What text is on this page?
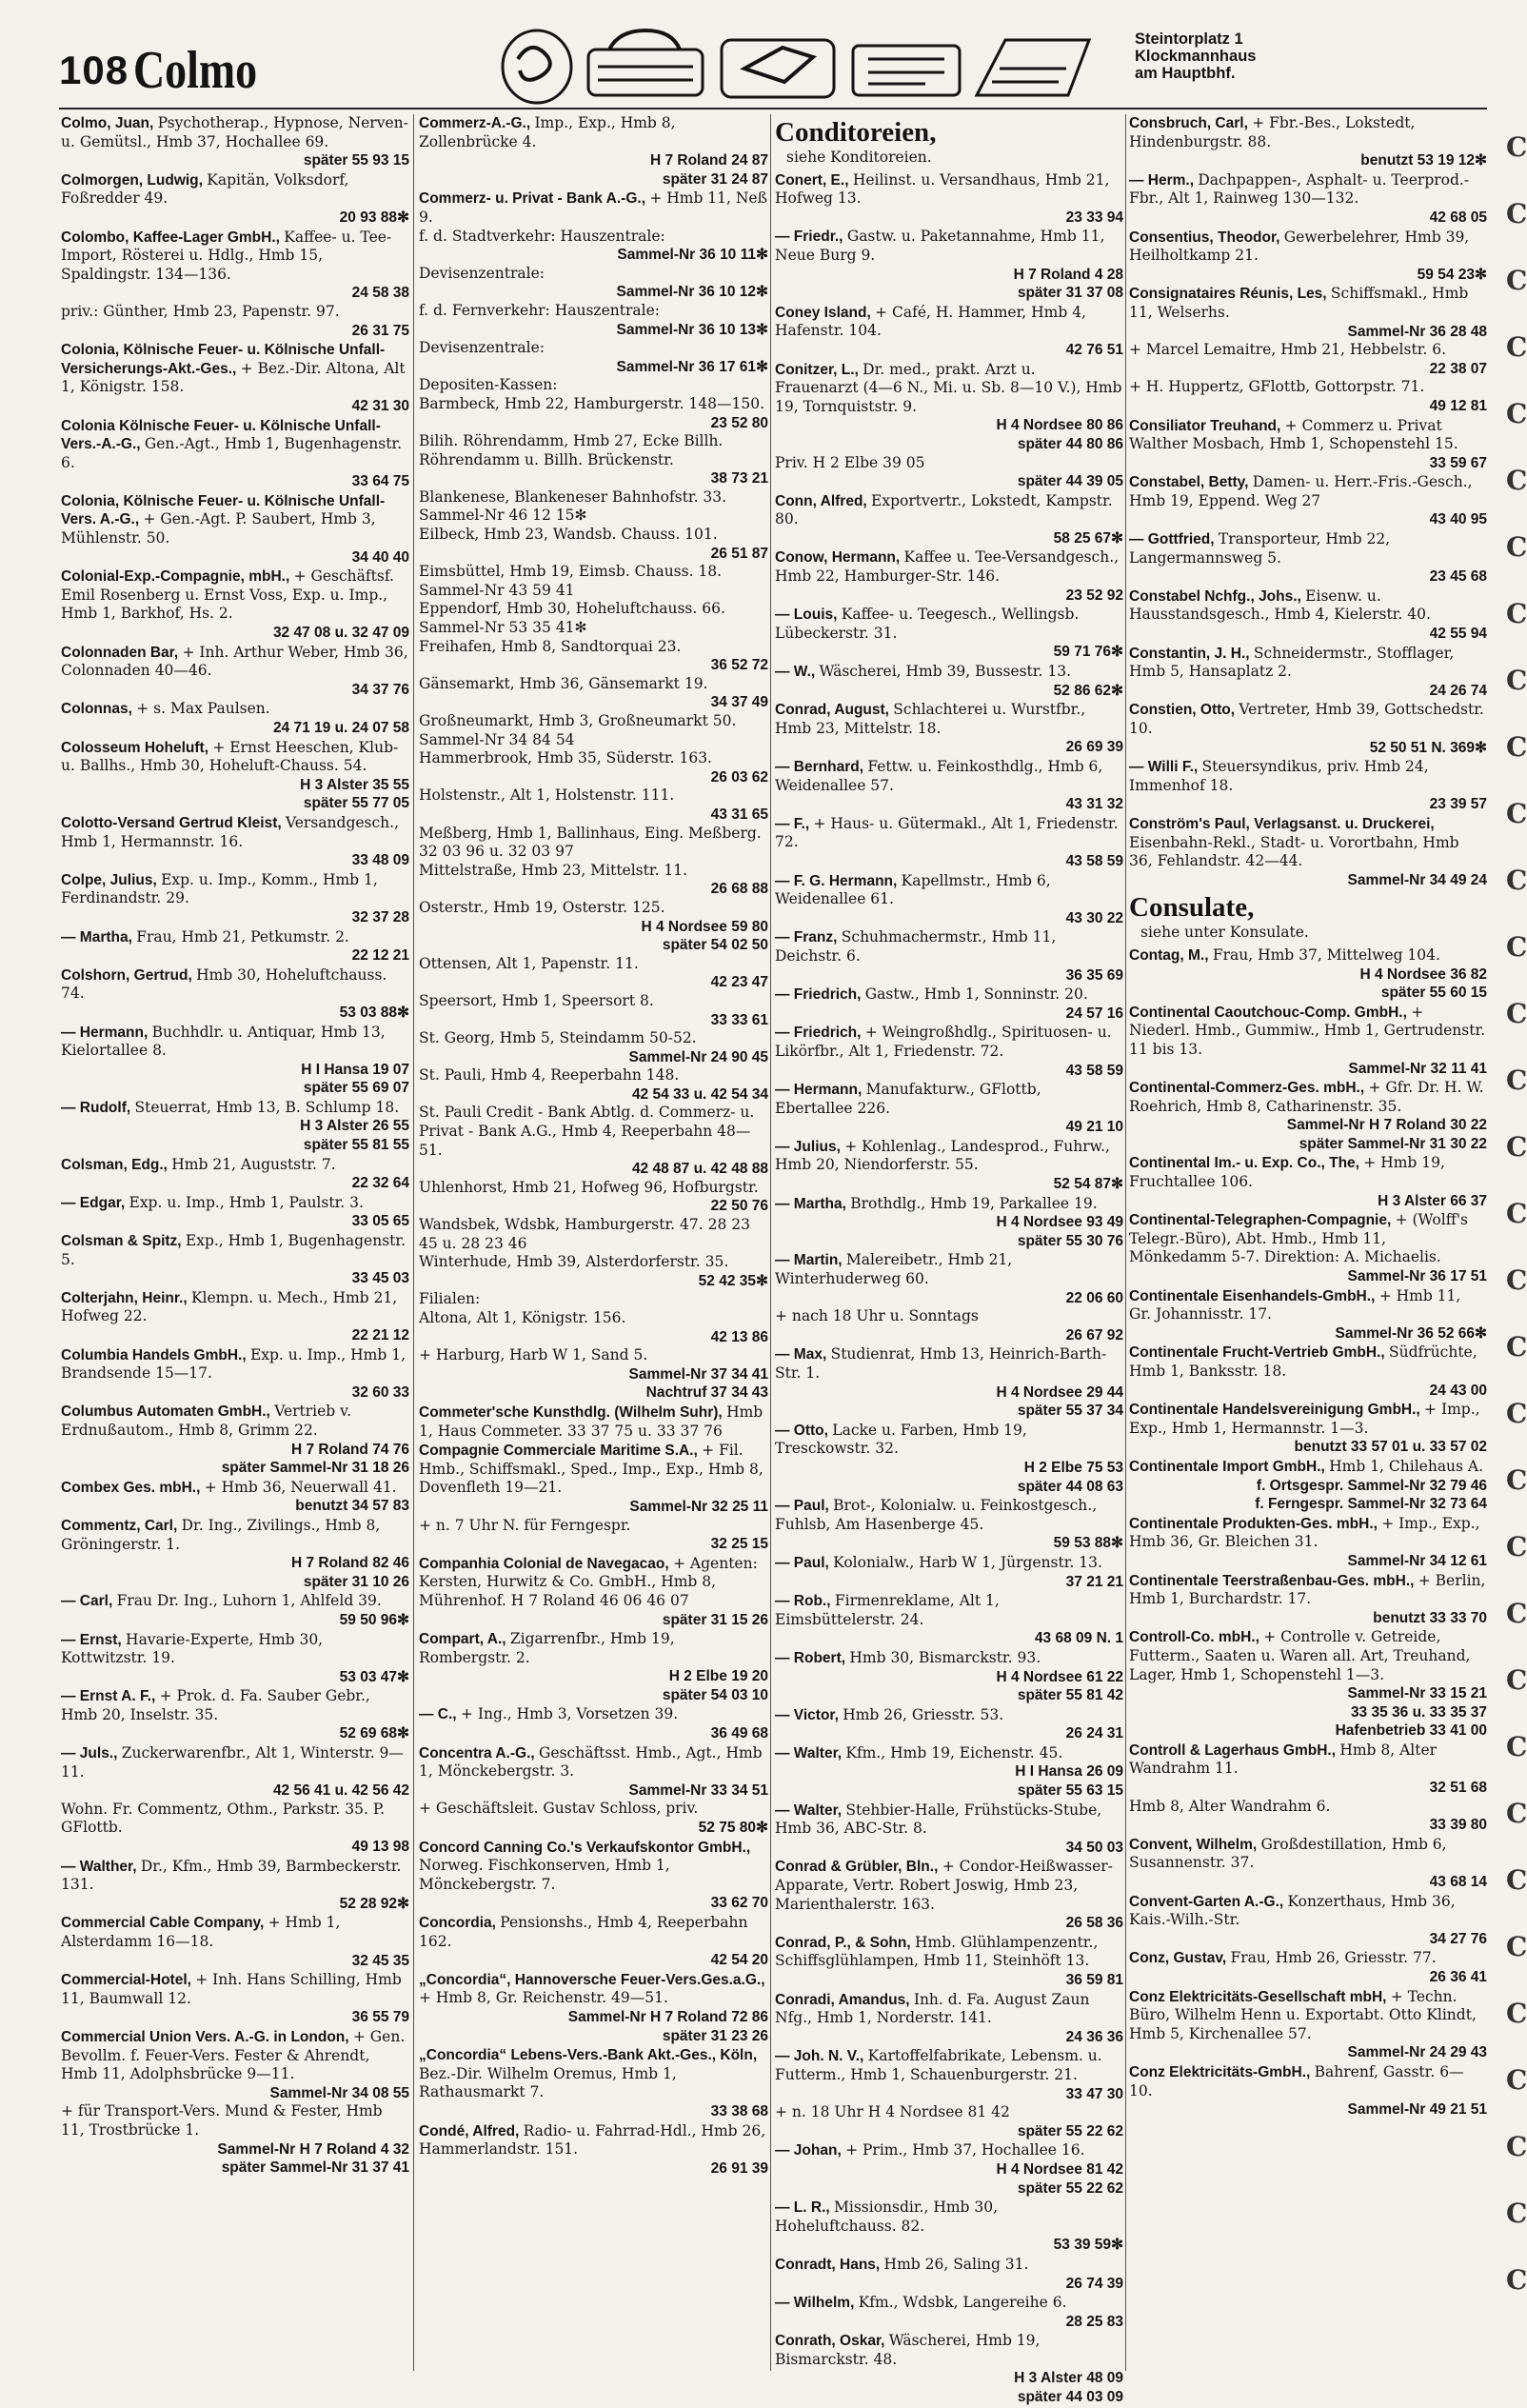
108 Colmo
Steintorplatz 1
Klockmannhaus
am Hauptbhf.
Colmo, Juan, Psychotherap., Hypnose, Nerven- u. Gemütsl., Hmb 37, Hochallee 69.
später 55 93 15
Colmorgen, Ludwig, Kapitän, Volksdorf, Foßredder 49.
20 93 88✻
Colombo, Kaffee-Lager GmbH., Kaffee- u. Tee-Import, Rösterei u. Hdlg., Hmb 15, Spaldingstr. 134—136.
24 58 38
priv.: Günther, Hmb 23, Papenstr. 97.
26 31 75
Colonia, Kölnische Feuer- u. Kölnische Unfall-Versicherungs-Akt.-Ges., + Bez.-Dir. Altona, Alt 1, Königstr. 158.
42 31 30
Colonia Kölnische Feuer- u. Kölnische Unfall-Vers.-A.-G., Gen.-Agt., Hmb 1, Bugenhagenstr. 6.
33 64 75
Colonia, Kölnische Feuer- u. Kölnische Unfall-Vers. A.-G., + Gen.-Agt. P. Saubert, Hmb 3, Mühlenstr. 50.
34 40 40
Colonial-Exp.-Compagnie, mbH., + Geschäftsf. Emil Rosenberg u. Ernst Voss, Exp. u. Imp., Hmb 1, Barkhof, Hs. 2.
32 47 08 u. 32 47 09
Colonnaden Bar, + Inh. Arthur Weber, Hmb 36, Colonnaden 40—46.
34 37 76
Colonnas, + s. Max Paulsen.
24 71 19 u. 24 07 58
Colosseum Hoheluft, + Ernst Heeschen, Klub- u. Ballhs., Hmb 30, Hoheluft-Chauss. 54.
H 3 Alster 35 55
später 55 77 05
Colotto-Versand Gertrud Kleist, Versandgesch., Hmb 1, Hermannstr. 16.
33 48 09
Colpe, Julius, Exp. u. Imp., Komm., Hmb 1, Ferdinandstr. 29.
32 37 28
— Martha, Frau, Hmb 21, Petkumstr. 2.
22 12 21
Colshorn, Gertrud, Hmb 30, Hoheluftchauss. 74.
53 03 88✻
— Hermann, Buchhdlr. u. Antiquar, Hmb 13, Kielortallee 8.
H I Hansa 19 07
später 55 69 07
— Rudolf, Steuerrat, Hmb 13, B. Schlump 18.
H 3 Alster 26 55
später 55 81 55
Colsman, Edg., Hmb 21, Auguststr. 7.
22 32 64
— Edgar, Exp. u. Imp., Hmb 1, Paulstr. 3.
33 05 65
Colsman & Spitz, Exp., Hmb 1, Bugenhagenstr. 5.
33 45 03
Colterjahn, Heinr., Klempn. u. Mech., Hmb 21, Hofweg 22.
22 21 12
Columbia Handels GmbH., Exp. u. Imp., Hmb 1, Brandsende 15—17.
32 60 33
Columbus Automaten GmbH., Vertrieb v. Erdnußautom., Hmb 8, Grimm 22.
H 7 Roland 74 76
später Sammel-Nr 31 18 26
Combex Ges. mbH., + Hmb 36, Neuerwall 41.
benutzt 34 57 83
Commentz, Carl, Dr. Ing., Zivilings., Hmb 8, Gröningerstr. 1.
H 7 Roland 82 46
später 31 10 26
— Carl, Frau Dr. Ing., Luhorn 1, Ahlfeld 39.
59 50 96✻
— Ernst, Havarie-Experte, Hmb 30, Kottwitzstr. 19.
53 03 47✻
— Ernst A. F., + Prok. d. Fa. Sauber Gebr., Hmb 20, Inselstr. 35.
52 69 68✻
— Juls., Zuckerwarenfbr., Alt 1, Winterstr. 9—11.
42 56 41 u. 42 56 42
Wohn. Fr. Commentz, Othm., Parkstr. 35. P. GFlottb.
49 13 98
— Walther, Dr., Kfm., Hmb 39, Barmbeckerstr. 131.
52 28 92✻
Commercial Cable Company, + Hmb 1, Alsterdamm 16—18.
32 45 35
Commercial-Hotel, + Inh. Hans Schilling, Hmb 11, Baumwall 12.
36 55 79
Commercial Union Vers. A.-G. in London, + Gen. Bevollm. f. Feuer-Vers. Fester & Ahrendt, Hmb 11, Adolphsbrücke 9—11.
Sammel-Nr 34 08 55
+ für Transport-Vers. Mund & Fester, Hmb 11, Trostbrücke 1.
Sammel-Nr H 7 Roland 4 32
später Sammel-Nr 31 37 41
Commerz-A.-G., Imp., Exp., Hmb 8, Zollenbrücke 4.
H 7 Roland 24 87
später 31 24 87
Commerz- u. Privat - Bank A.-G., + Hmb 11, Neß 9.
f. d. Stadtverkehr: Hauszentrale:
Sammel-Nr 36 10 11✻
Devisenzentrale:
Sammel-Nr 36 10 12✻
f. d. Fernverkehr: Hauszentrale:
Sammel-Nr 36 10 13✻
Devisenzentrale:
Sammel-Nr 36 17 61✻
Depositen-Kassen:
Barmbeck, Hmb 22, Hamburgerstr. 148—150.
23 52 80
Bilih. Röhrendamm, Hmb 27, Ecke Billh. Röhrendamm u. Billh. Brückenstr.
38 73 21
Blankenese, Blankeneser Bahnhofstr. 33. Sammel-Nr 46 12 15✻
Eilbeck, Hmb 23, Wandsb. Chauss. 101.
26 51 87
Eimsbüttel, Hmb 19, Eimsb. Chauss. 18. Sammel-Nr 43 59 41
Eppendorf, Hmb 30, Hoheluftchauss. 66. Sammel-Nr 53 35 41✻
Freihafen, Hmb 8, Sandtorquai 23.
36 52 72
Gänsemarkt, Hmb 36, Gänsemarkt 19.
34 37 49
Großneumarkt, Hmb 3, Großneumarkt 50. Sammel-Nr 34 84 54
Hammerbrook, Hmb 35, Süderstr. 163.
26 03 62
Holstenstr., Alt 1, Holstenstr. 111.
43 31 65
Meßberg, Hmb 1, Ballinhaus, Eing. Meßberg. 32 03 96 u. 32 03 97
Mittelstraße, Hmb 23, Mittelstr. 11.
26 68 88
Osterstr., Hmb 19, Osterstr. 125.
H 4 Nordsee 59 80
später 54 02 50
Ottensen, Alt 1, Papenstr. 11.
42 23 47
Speersort, Hmb 1, Speersort 8.
33 33 61
St. Georg, Hmb 5, Steindamm 50-52.
Sammel-Nr 24 90 45
St. Pauli, Hmb 4, Reeperbahn 148.
42 54 33 u. 42 54 34
St. Pauli Credit - Bank Abtlg. d. Commerz- u. Privat - Bank A.G., Hmb 4, Reeperbahn 48—51.
42 48 87 u. 42 48 88
Uhlenhorst, Hmb 21, Hofweg 96, Hofburgstr.
22 50 76
Wandsbek, Wdsbk, Hamburgerstr. 47. 28 23 45 u. 28 23 46
Winterhude, Hmb 39, Alsterdorferstr. 35.
52 42 35✻
Filialen:
Altona, Alt 1, Königstr. 156.
42 13 86
+ Harburg, Harb W 1, Sand 5.
Sammel-Nr 37 34 41
Nachtruf 37 34 43
Commeter'sche Kunsthdlg. (Wilhelm Suhr), Hmb 1, Haus Commeter. 33 37 75 u. 33 37 76
Compagnie Commerciale Maritime S.A., + Fil. Hmb., Schiffsmakl., Sped., Imp., Exp., Hmb 8, Dovenfleth 19—21.
Sammel-Nr 32 25 11
+ n. 7 Uhr N. für Ferngespr.
32 25 15
Companhia Colonial de Navegacao, + Agenten: Kersten, Hurwitz & Co. GmbH., Hmb 8, Mührenhof. H 7 Roland 46 06 46 07
später 31 15 26
Compart, A., Zigarrenfbr., Hmb 19, Rombergstr. 2.
H 2 Elbe 19 20
später 54 03 10
— C., + Ing., Hmb 3, Vorsetzen 39.
36 49 68
Concentra A.-G., Geschäftsst. Hmb., Agt., Hmb 1, Mönckebergstr. 3.
Sammel-Nr 33 34 51
+ Geschäftsleit. Gustav Schloss, priv.
52 75 80✻
Concord Canning Co.'s Verkaufskontor GmbH., Norweg. Fischkonserven, Hmb 1, Mönckebergstr. 7.
33 62 70
Concordia, Pensionshs., Hmb 4, Reeperbahn 162.
42 54 20
„Concordia“, Hannoversche Feuer-Vers.Ges.a.G., + Hmb 8, Gr. Reichenstr. 49—51.
Sammel-Nr H 7 Roland 72 86
später 31 23 26
„Concordia“ Lebens-Vers.-Bank Akt.-Ges., Köln, Bez.-Dir. Wilhelm Oremus, Hmb 1, Rathausmarkt 7.
33 38 68
Condé, Alfred, Radio- u. Fahrrad-Hdl., Hmb 26, Hammerlandstr. 151.
26 91 39
Conditoreien,
siehe Konditoreien.
Conert, E., Heilinst. u. Versandhaus, Hmb 21, Hofweg 13.
23 33 94
— Friedr., Gastw. u. Paketannahme, Hmb 11, Neue Burg 9.
H 7 Roland 4 28
später 31 37 08
Coney Island, + Café, H. Hammer, Hmb 4, Hafenstr. 104.
42 76 51
Conitzer, L., Dr. med., prakt. Arzt u. Frauenarzt (4—6 N., Mi. u. Sb. 8—10 V.), Hmb 19, Tornquiststr. 9.
H 4 Nordsee 80 86
später 44 80 86
Priv. H 2 Elbe 39 05
später 44 39 05
Conn, Alfred, Exportvertr., Lokstedt, Kampstr. 80.
58 25 67✻
Conow, Hermann, Kaffee u. Tee-Versandgesch., Hmb 22, Hamburger-Str. 146.
23 52 92
— Louis, Kaffee- u. Teegesch., Wellingsb. Lübeckerstr. 31.
59 71 76✻
— W., Wäscherei, Hmb 39, Bussestr. 13.
52 86 62✻
Conrad, August, Schlachterei u. Wurstfbr., Hmb 23, Mittelstr. 18.
26 69 39
— Bernhard, Fettw. u. Feinkosthdlg., Hmb 6, Weidenallee 57.
43 31 32
— F., + Haus- u. Gütermakl., Alt 1, Friedenstr. 72.
43 58 59
— F. G. Hermann, Kapellmstr., Hmb 6, Weidenallee 61.
43 30 22
— Franz, Schuhmachermstr., Hmb 11, Deichstr. 6.
36 35 69
— Friedrich, Gastw., Hmb 1, Sonninstr. 20.
24 57 16
— Friedrich, + Weingroßhdlg., Spirituosen- u. Likörfbr., Alt 1, Friedenstr. 72.
43 58 59
— Hermann, Manufakturw., GFlottb, Ebertallee 226.
49 21 10
— Julius, + Kohlenlag., Landesprod., Fuhrw., Hmb 20, Niendorferstr. 55.
52 54 87✻
— Martha, Brothdlg., Hmb 19, Parkallee 19.
H 4 Nordsee 93 49
später 55 30 76
— Martin, Malereibetr., Hmb 21, Winterhuderweg 60.
22 06 60
+ nach 18 Uhr u. Sonntags
26 67 92
— Max, Studienrat, Hmb 13, Heinrich-Barth-Str. 1.
H 4 Nordsee 29 44
später 55 37 34
— Otto, Lacke u. Farben, Hmb 19, Tresckowstr. 32.
H 2 Elbe 75 53
später 44 08 63
— Paul, Brot-, Kolonialw. u. Feinkostgesch., Fuhlsb, Am Hasenberge 45.
59 53 88✻
— Paul, Kolonialw., Harb W 1, Jürgenstr. 13.
37 21 21
— Rob., Firmenreklame, Alt 1, Eimsbüttelerstr. 24.
43 68 09 N. 1
— Robert, Hmb 30, Bismarckstr. 93.
H 4 Nordsee 61 22
später 55 81 42
— Victor, Hmb 26, Griesstr. 53.
26 24 31
— Walter, Kfm., Hmb 19, Eichenstr. 45.
H I Hansa 26 09
später 55 63 15
— Walter, Stehbier-Halle, Frühstücks-Stube, Hmb 36, ABC-Str. 8.
34 50 03
Conrad & Grübler, Bln., + Condor-Heißwasser-Apparate, Vertr. Robert Joswig, Hmb 23, Marienthalerstr. 163.
26 58 36
Conrad, P., & Sohn, Hmb. Glühlampenzentr., Schiffsglühlampen, Hmb 11, Steinhöft 13.
36 59 81
Conradi, Amandus, Inh. d. Fa. August Zaun Nfg., Hmb 1, Norderstr. 141.
24 36 36
— Joh. N. V., Kartoffelfabrikate, Lebensm. u. Futterm., Hmb 1, Schauenburgerstr. 21.
33 47 30
+ n. 18 Uhr H 4 Nordsee 81 42
später 55 22 62
— Johan, + Prim., Hmb 37, Hochallee 16.
H 4 Nordsee 81 42
später 55 22 62
— L. R., Missionsdir., Hmb 30, Hoheluftchauss. 82.
53 39 59✻
Conradt, Hans, Hmb 26, Saling 31.
26 74 39
— Wilhelm, Kfm., Wdsbk, Langereihe 6.
28 25 83
Conrath, Oskar, Wäscherei, Hmb 19, Bismarckstr. 48.
H 3 Alster 48 09
später 44 03 09
Consbruch, Carl, + Fbr.-Bes., Lokstedt, Hindenburgstr. 88.
benutzt 53 19 12✻
— Herm., Dachpappen-, Asphalt- u. Teerprod.-Fbr., Alt 1, Rainweg 130—132.
42 68 05
Consentius, Theodor, Gewerbelehrer, Hmb 39, Heilholtkamp 21.
59 54 23✻
Consignataires Réunis, Les, Schiffsmakl., Hmb 11, Welserhs.
Sammel-Nr 36 28 48
+ Marcel Lemaitre, Hmb 21, Hebbelstr. 6.
22 38 07
+ H. Huppertz, GFlottb, Gottorpstr. 71.
49 12 81
Consiliator Treuhand, + Commerz u. Privat Walther Mosbach, Hmb 1, Schopenstehl 15.
33 59 67
Constabel, Betty, Damen- u. Herr.-Fris.-Gesch., Hmb 19, Eppend. Weg 27
43 40 95
— Gottfried, Transporteur, Hmb 22, Langermannsweg 5.
23 45 68
Constabel Nchfg., Johs., Eisenw. u. Hausstandsgesch., Hmb 4, Kielerstr. 40.
42 55 94
Constantin, J. H., Schneidermstr., Stofflager, Hmb 5, Hansaplatz 2.
24 26 74
Constien, Otto, Vertreter, Hmb 39, Gottschedstr. 10.
52 50 51 N. 369✻
— Willi F., Steuersyndikus, priv. Hmb 24, Immenhof 18.
23 39 57
Conström's Paul, Verlagsanst. u. Druckerei, Eisenbahn-Rekl., Stadt- u. Vorortbahn, Hmb 36, Fehlandstr. 42—44.
Sammel-Nr 34 49 24
Consulate,
siehe unter Konsulate.
Contag, M., Frau, Hmb 37, Mittelweg 104.
H 4 Nordsee 36 82
später 55 60 15
Continental Caoutchouc-Comp. GmbH., + Niederl. Hmb., Gummiw., Hmb 1, Gertrudenstr. 11 bis 13.
Sammel-Nr 32 11 41
Continental-Commerz-Ges. mbH., + Gfr. Dr. H. W. Roehrich, Hmb 8, Catharinenstr. 35.
Sammel-Nr H 7 Roland 30 22
später Sammel-Nr 31 30 22
Continental Im.- u. Exp. Co., The, + Hmb 19, Fruchtallee 106.
H 3 Alster 66 37
Continental-Telegraphen-Compagnie, + (Wolff's Telegr.-Büro), Abt. Hmb., Hmb 11, Mönkedamm 5-7. Direktion: A. Michaelis.
Sammel-Nr 36 17 51
Continentale Eisenhandels-GmbH., + Hmb 11, Gr. Johannisstr. 17.
Sammel-Nr 36 52 66✻
Continentale Frucht-Vertrieb GmbH., Südfrüchte, Hmb 1, Banksstr. 18.
24 43 00
Continentale Handelsvereinigung GmbH., + Imp., Exp., Hmb 1, Hermannstr. 1—3.
benutzt 33 57 01 u. 33 57 02
Continentale Import GmbH., Hmb 1, Chilehaus A.
f. Ortsgespr. Sammel-Nr 32 79 46
f. Ferngespr. Sammel-Nr 32 73 64
Continentale Produkten-Ges. mbH., + Imp., Exp., Hmb 36, Gr. Bleichen 31.
Sammel-Nr 34 12 61
Continentale Teerstraßenbau-Ges. mbH., + Berlin, Hmb 1, Burchardstr. 17.
benutzt 33 33 70
Controll-Co. mbH., + Controlle v. Getreide, Futterm., Saaten u. Waren all. Art, Treuhand, Lager, Hmb 1, Schopenstehl 1—3.
Sammel-Nr 33 15 21
33 35 36 u. 33 35 37
Hafenbetrieb 33 41 00
Controll & Lagerhaus GmbH., Hmb 8, Alter Wandrahm 11.
32 51 68
Hmb 8, Alter Wandrahm 6.
33 39 80
Convent, Wilhelm, Großdestillation, Hmb 6, Susannenstr. 37.
43 68 14
Convent-Garten A.-G., Konzerthaus, Hmb 36, Kais.-Wilh.-Str.
34 27 76
Conz, Gustav, Frau, Hmb 26, Griesstr. 77.
26 36 41
Conz Elektricitäts-Gesellschaft mbH, + Techn. Büro, Wilhelm Henn u. Exportabt. Otto Klindt, Hmb 5, Kirchenallee 57.
Sammel-Nr 24 29 43
Conz Elektricitäts-GmbH., Bahrenf, Gasstr. 6—10.
Sammel-Nr 49 21 51
C
C
C
C
C
C
C
C
C
C
C
C
C
C
C
C
C
C
C
C
C
C
C
C
C
C
C
C
C
C
C
C
C
